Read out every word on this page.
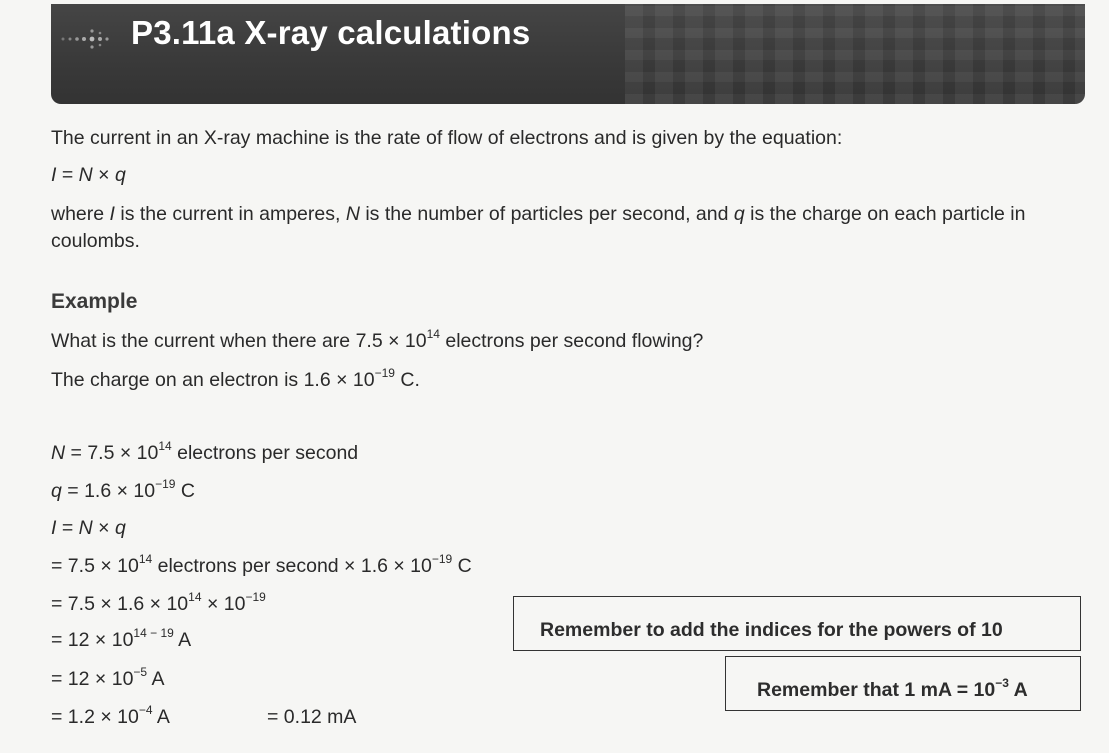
P3.11a X-ray calculations
The current in an X-ray machine is the rate of flow of electrons and is given by the equation:
I = N × q
where I is the current in amperes, N is the number of particles per second, and q is the charge on each particle in coulombs.
Example
What is the current when there are $7.5 \times 10^{14}$ electrons per second flowing?
The charge on an electron is $1.6 \times 10^{-19}$ C.
$N = 7.5 \times 10^{14}$ electrons per second
$q = 1.6 \times 10^{-19}$ C
I = N × q
= $7.5 \times 10^{14}$ electrons per second × $1.6 \times 10^{-19}$ C
= $7.5 \times 1.6 \times 10^{14} \times 10^{-19}$
= $12 \times 10^{14 - 19}$ A
= $12 \times 10^{-5}$ A
= $1.2 \times 10^{-4}$ A	= 0.12 mA
Remember to add the indices for the powers of 10
Remember that 1 mA = $10^{-3}$ A
